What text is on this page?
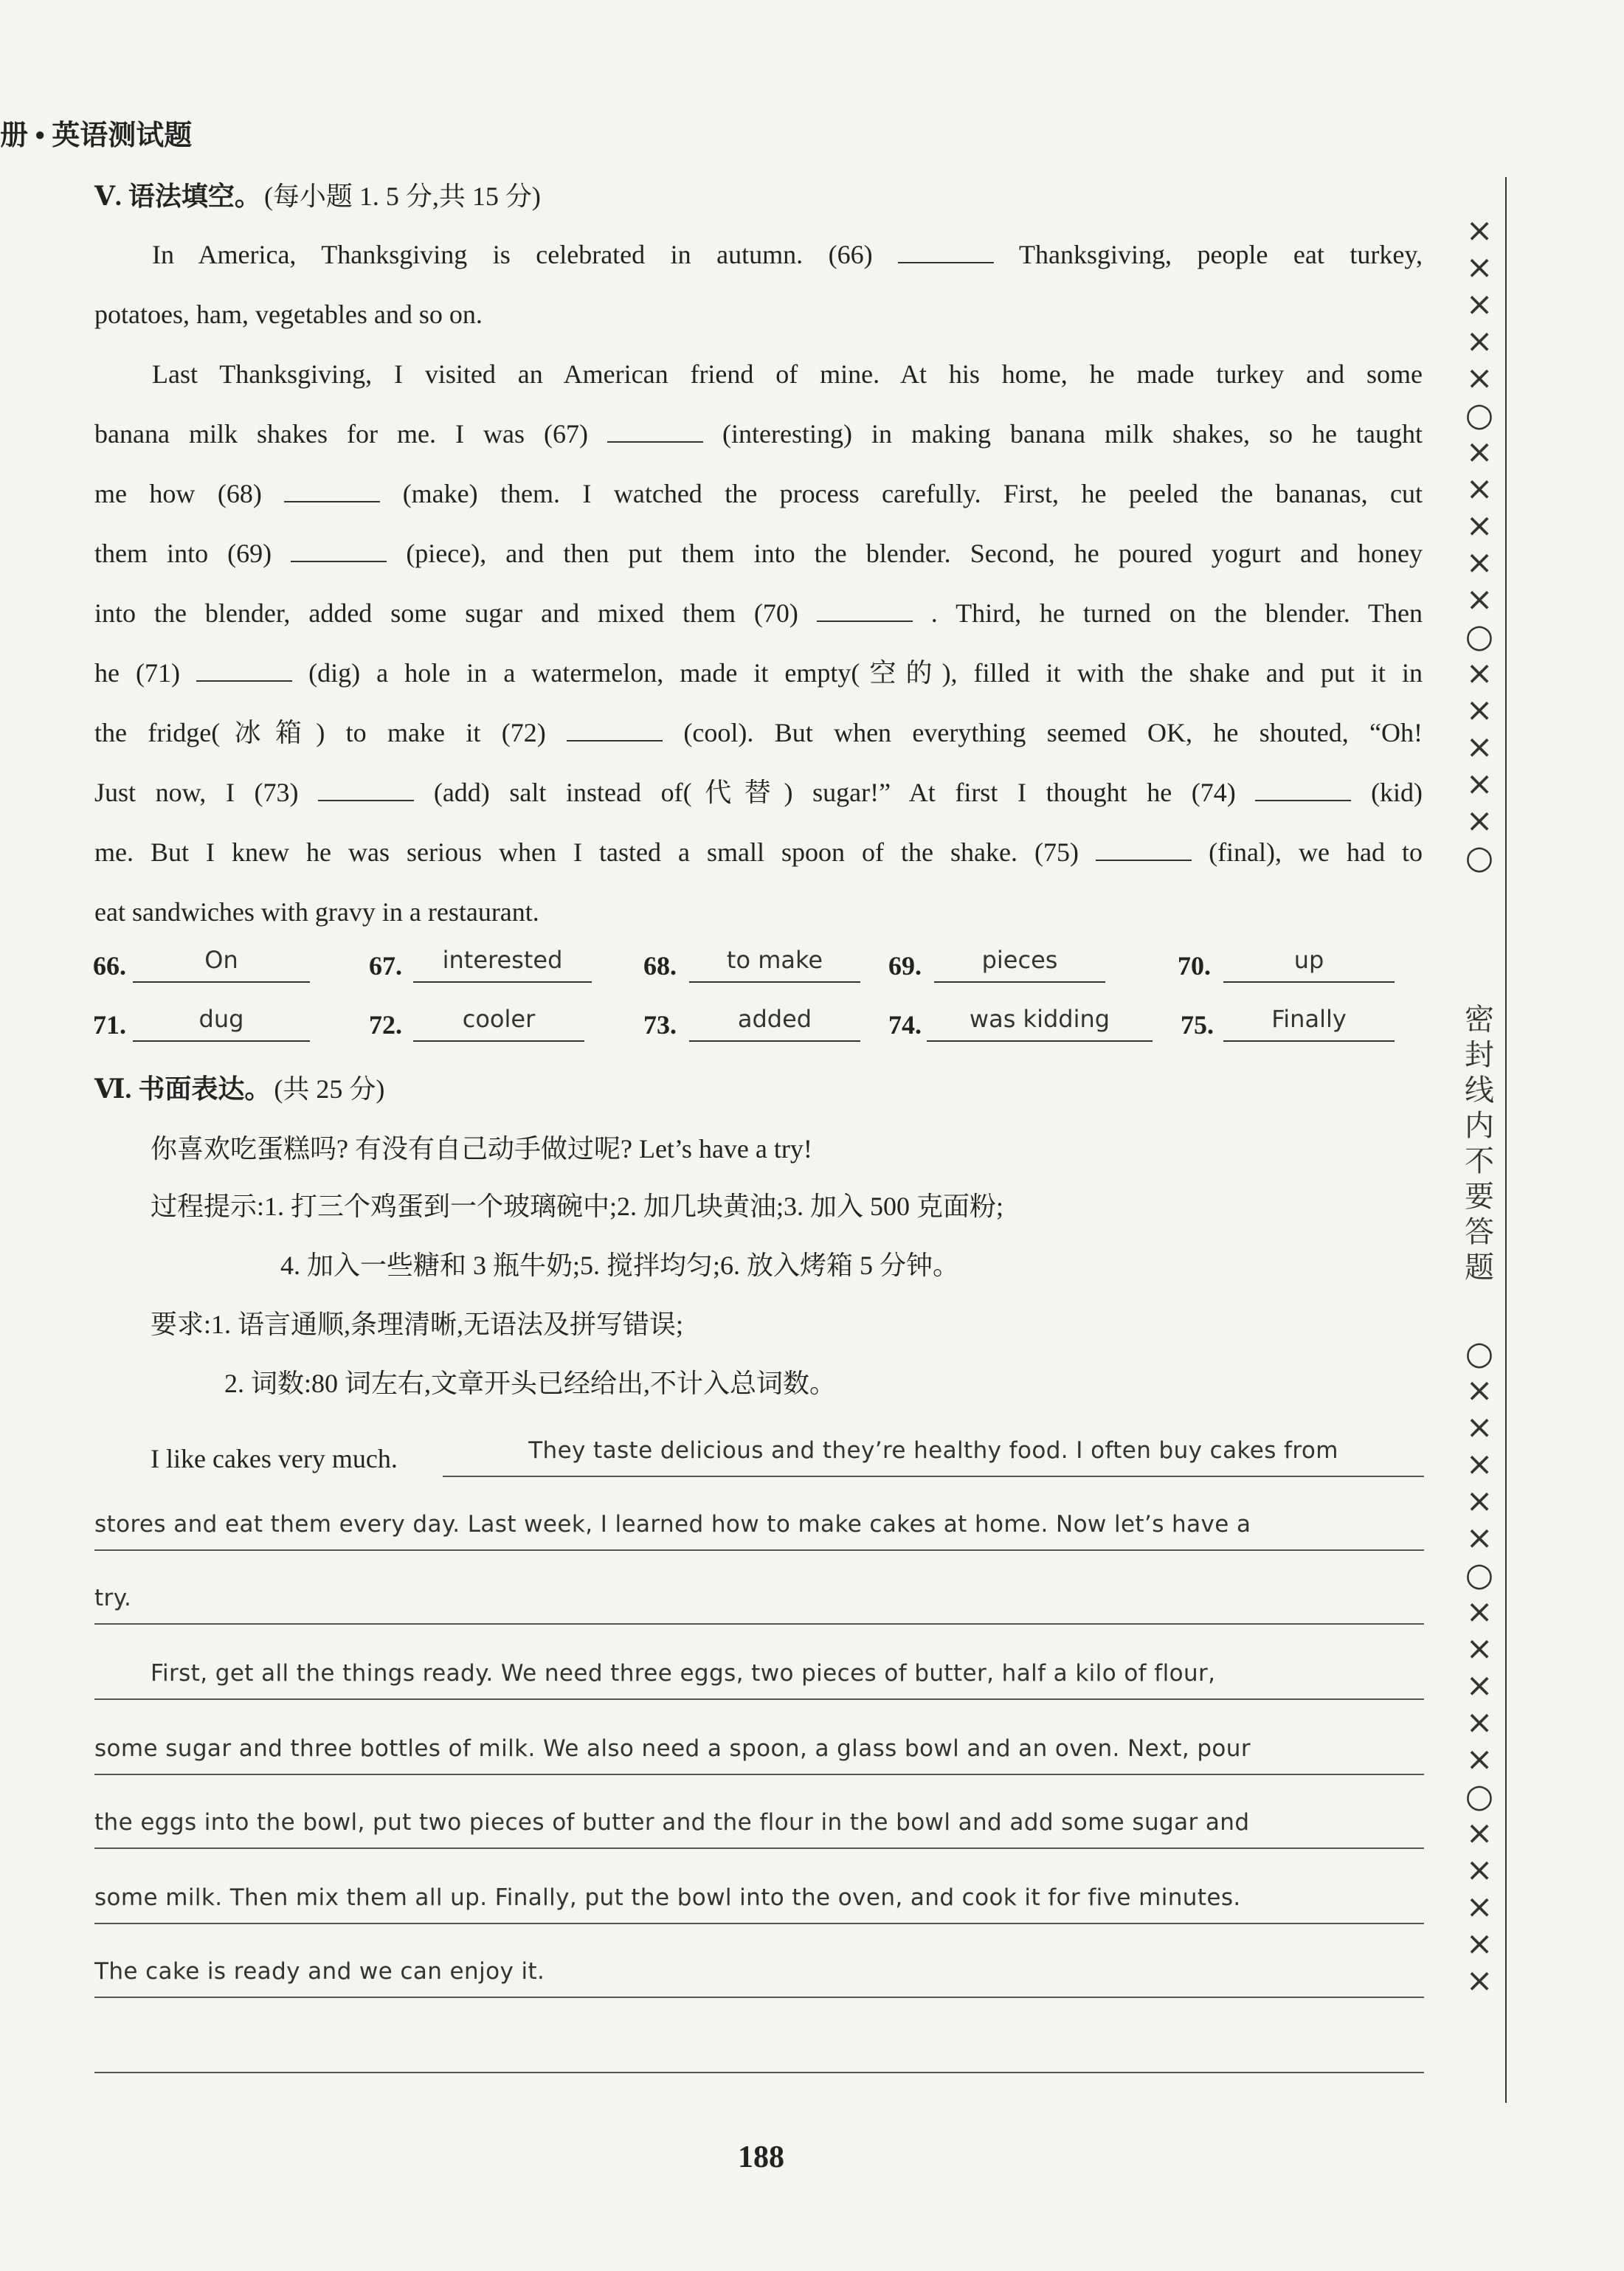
册 • 英语测试题
Ⅴ. 语法填空。 (每小题 1. 5 分,共 15 分)

In America, Thanksgiving is celebrated in autumn. (66)	Thanksgiving, people eat turkey,

potatoes, ham, vegetables and so on.

Last Thanksgiving, I visited an American friend of mine. At his home, he made turkey and some

banana milk shakes for me. I was (67)	(interesting) in making banana milk shakes, so he taught

me how (68)	(make) them. I watched the process carefully. First, he peeled the bananas, cut

them into (69)	(piece), and then put them into the blender. Second, he poured yogurt and honey

into the blender, added some sugar and mixed them (70)	. Third, he turned on the blender. Then

he (71)	(dig) a hole in a watermelon, made it empty(空的), filled it with the shake and put it in

the fridge(冰箱) to make it (72)	(cool). But when everything seemed OK, he shouted, “Oh!

Just now, I (73)	(add) salt instead of(代替) sugar!” At first I thought he (74)	(kid)

me. But I knew he was serious when I tasted a small spoon of the shake. (75)	(final), we had to

eat sandwiches with gravy in a restaurant.

66.	On	67.	interested	68.	to make	69.	pieces	70.	up
71.	dug	72.	cooler	73.	added	74.	was kidding	75.	Finally
Ⅵ. 书面表达。 (共 25 分)
你喜欢吃蛋糕吗? 有没有自己动手做过呢? Let’s have a try!
过程提示:1. 打三个鸡蛋到一个玻璃碗中;2. 加几块黄油;3. 加入 500 克面粉;
4. 加入一些糖和 3 瓶牛奶;5. 搅拌均匀;6. 放入烤箱 5 分钟。
要求:1. 语言通顺,条理清晰,无语法及拼写错误;
2. 词数:80 词左右,文章开头已经给出,不计入总词数。
I like cakes very much.	They taste delicious and they’re healthy food. I often buy cakes from
stores and eat them every day. Last week, I learned how to make cakes at home. Now let’s have a
try.
First, get all the things ready. We need three eggs, two pieces of butter, half a kilo of flour,
some sugar and three bottles of milk. We also need a spoon, a glass bowl and an oven. Next, pour
the eggs into the bowl, put two pieces of butter and the flour in the bowl and add some sugar and
some milk. Then mix them all up. Finally, put the bowl into the oven, and cook it for five minutes.
The cake is ready and we can enjoy it.
×
×
×
×
×
○
×
×
×
×
×
○
×
×
×
×
×
○
密
封
线
内
不
要
答
题
○
×
×
×
×
×
○
×
×
×
×
×
○
×
×
×
×
×
188
